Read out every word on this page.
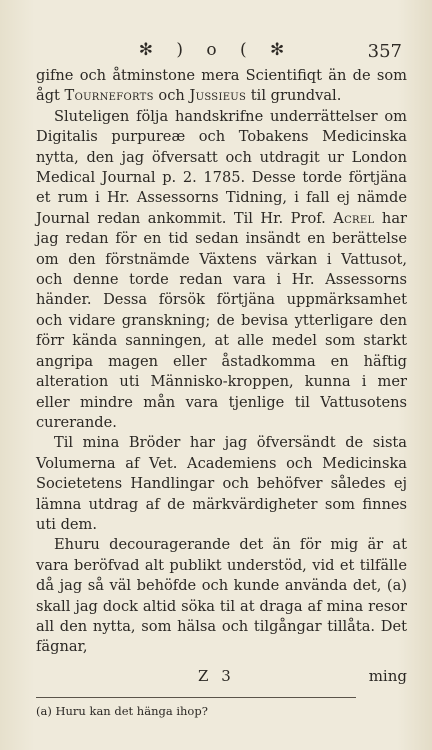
✻ ) o ( ✻	357

gifne och åtminstone mera Scientifiqt än de som ågt Tourneforts och Jussieus til grundval.

Sluteligen följa handskrifne underrättelser om Digitalis purpureæ och Tobakens Medicinska nytta, den jag öfversatt och utdragit ur London Medical Journal p. 2. 1785. Desse torde förtjäna et rum i Hr. Assessorns Tidning, i fall ej nämde Journal redan ankommit. Til Hr. Prof. Acrel har jag redan för en tid sedan insändt en berättelse om den förstnämde Växtens värkan i Vattusot, och denne torde redan vara i Hr. Assessorns händer. Dessa försök förtjäna uppmärksamhet och vidare granskning; de bevisa ytterligare den förr kända sanningen, at alle medel som starkt angripa magen eller åstadkomma en häftig alteration uti Människo-kroppen, kunna i mer eller mindre mån vara tjenlige til Vattusotens curerande.

Til mina Bröder har jag öfversändt de sista Volumerna af Vet. Academiens och Medicinska Societetens Handlingar och behöfver således ej lämna utdrag af de märkvärdigheter som finnes uti dem.

Ehuru decouragerande det än för mig är at vara beröfvad alt publikt understöd, vid et tilfälle då jag så väl behöfde och kunde använda det, (a) skall jag dock altid söka til at draga af mina resor all den nytta, som hälsa och tilgångar tillåta. Det fägnar,

Z 3	ming
(a) Huru kan det hänga ihop?
